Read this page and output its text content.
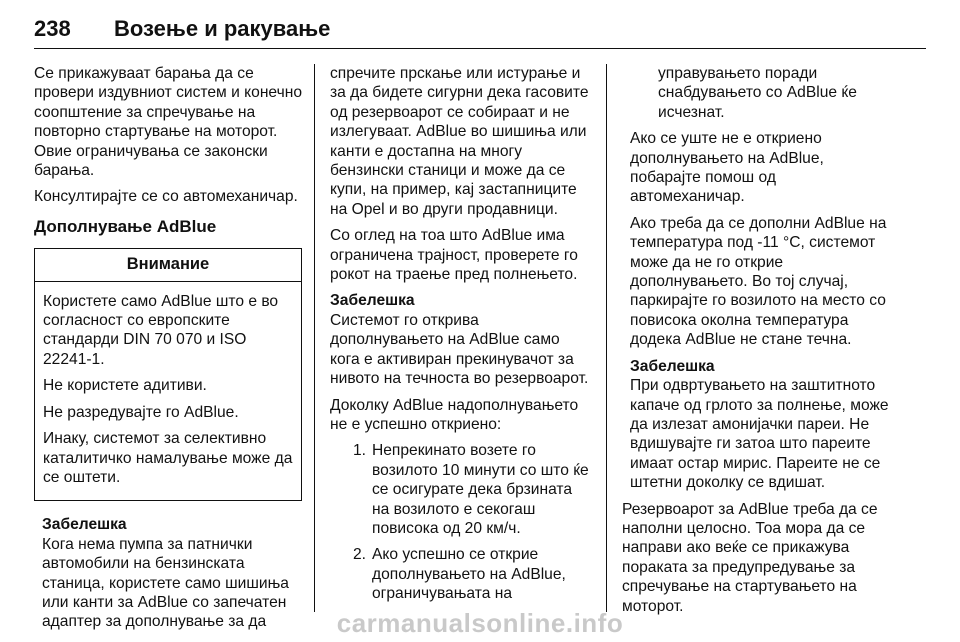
238 Возење и ракување

Се прикажуваат барања да се провери издувниот систем и конечно соопштение за спречување на повторно стартување на моторот. Овие ограничувања се законски барања.

Консултирајте се со автомеханичар.

Дополнување AdBlue
Внимание

Користете само AdBlue што е во согласност со европските стандарди DIN 70 070 и ISO 22241-1.

Не користете адитиви.

Не разредувајте го AdBlue.

Инаку, системот за селективно каталитичко намалување може да се оштети.

Забелешка

Кога нема пумпа за патнички автомобили на бензинската станица, користете само шишиња или канти за AdBlue со запечатен адаптер за дополнување за да

спречите прскање или истурање и за да бидете сигурни дека гасовите од резервоарот се собираат и не излегуваат. AdBlue во шишиња или канти е достапна на многу бензински станици и може да се купи, на пример, кај застапниците на Opel и во други продавници.

Со оглед на тоа што AdBlue има ограничена трајност, проверете го рокот на траење пред полнењето.

Забелешка

Системот го открива дополнувањето на AdBlue само кога е активиран прекинувачот за нивото на течноста во резервоарот.

Доколку AdBlue надополнувањето не е успешно откриено:

1. Непрекинато возете го возилото 10 минути со што ќе се осигурате дека брзината на возилото е секогаш повисока од 20 км/ч.
2. Ако успешно се открие дополнувањето на AdBlue, ограничувањата на

управувањето поради снабдувањето со AdBlue ќе исчезнат.

Ако се уште не е откриено дополнувањето на AdBlue, побарајте помош од автомеханичар.

Ако треба да се дополни AdBlue на температура под -11 °C, системот може да не го открие дополнувањето. Во тој случај, паркирајте го возилото на место со повисока околна температура додека AdBlue не стане течна.

Забелешка

При одвртувањето на заштитното капаче од грлото за полнење, може да излезат амонијачки пареи. Не вдишувајте ги затоа што пареите имаат остар мирис. Пареите не се штетни доколку се вдишат.

Резервоарот за AdBlue треба да се наполни целосно. Тоа мора да се направи ако веќе се прикажува пораката за предупредување за спречување на стартувањето на моторот.

carmanualsonline.info
